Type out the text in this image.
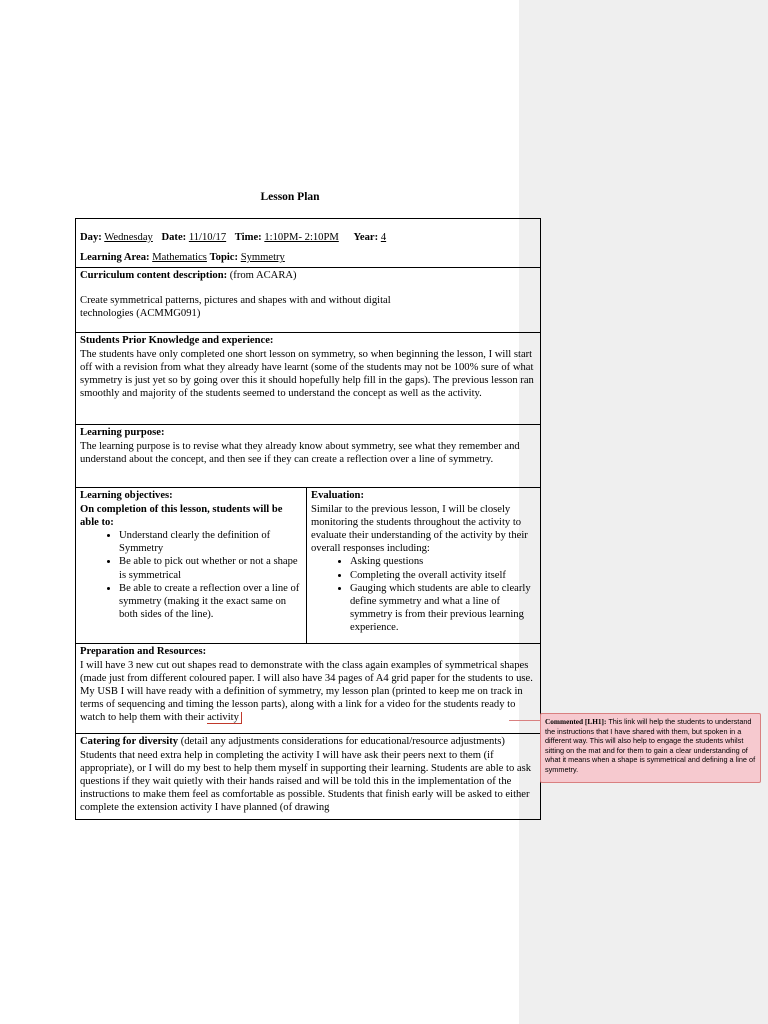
Lesson Plan
Day: Wednesday Date: 11/10/17 Time: 1:10PM- 2:10PM Year: 4
Learning Area: Mathematics Topic: Symmetry

Curriculum content description: (from ACARA)

Create symmetrical patterns, pictures and shapes with and without digital technologies (ACMMG091)

Students Prior Knowledge and experience:

The students have only completed one short lesson on symmetry, so when beginning the lesson, I will start off with a revision from what they already have learnt (some of the students may not be 100% sure of what symmetry is just yet so by going over this it should hopefully help fill in the gaps). The previous lesson ran smoothly and majority of the students seemed to understand the concept as well as the activity.

Learning purpose:

The learning purpose is to revise what they already know about symmetry, see what they remember and understand about the concept, and then see if they can create a reflection over a line of symmetry.

Learning objectives:

On completion of this lesson, students will be able to:

• Understand clearly the definition of Symmetry
• Be able to pick out whether or not a shape is symmetrical
• Be able to create a reflection over a line of symmetry (making it the exact same on both sides of the line).

Evaluation:

Similar to the previous lesson, I will be closely monitoring the students throughout the activity to evaluate their understanding of the activity by their overall responses including:

• Asking questions
• Completing the overall activity itself
• Gauging which students are able to clearly define symmetry and what a line of symmetry is from their previous learning experience.

Preparation and Resources:

I will have 3 new cut out shapes read to demonstrate with the class again examples of symmetrical shapes (made just from different coloured paper. I will also have 34 pages of A4 grid paper for the students to use. My USB I will have ready with a definition of symmetry, my lesson plan (printed to keep me on track in terms of sequencing and timing the lesson parts), along with a link for a video for the students ready to watch to help them with their activity

Catering for diversity (detail any adjustments considerations for educational/resource adjustments)

Students that need extra help in completing the activity I will have ask their peers next to them (if appropriate), or I will do my best to help them myself in supporting their learning. Students are able to ask questions if they wait quietly with their hands raised and will be told this in the implementation of the instructions to make them feel as comfortable as possible. Students that finish early will be asked to either complete the extension activity I have planned (of drawing

Commented [LH1]: This link will help the students to understand the instructions that I have shared with them, but spoken in a different way. This will also help to engage the students whilst sitting on the mat and for them to gain a clear understanding of what it means when a shape is symmetrical and defining a line of symmetry.
